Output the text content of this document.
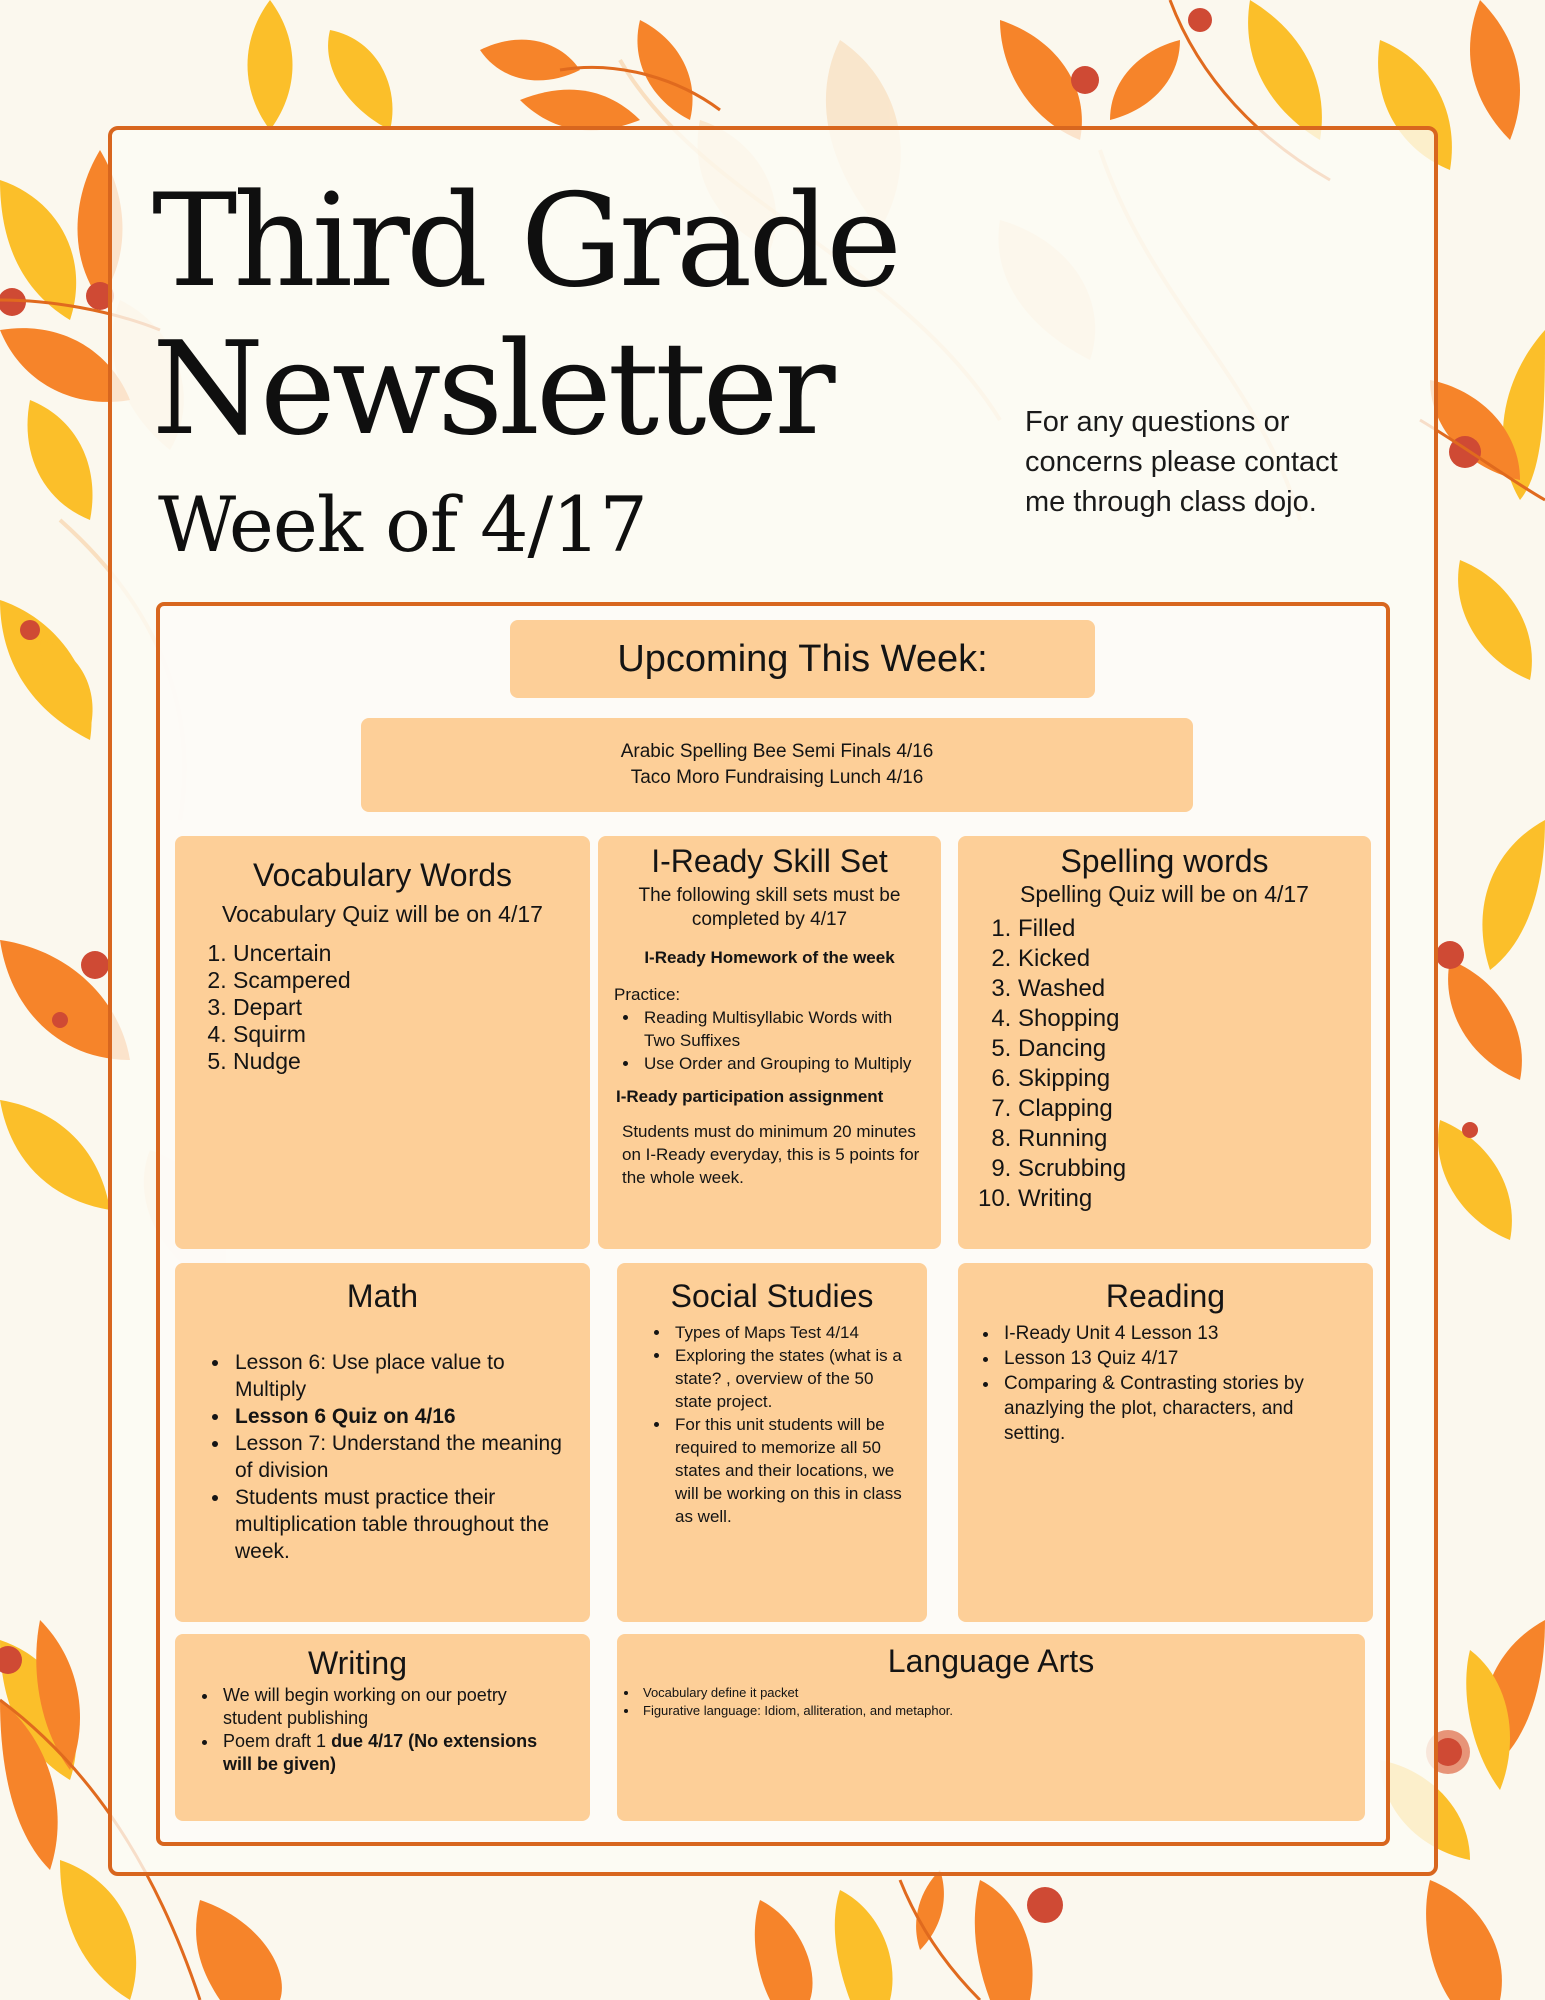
Third Grade
Newsletter
Week of 4/17

For any questions or concerns please contact me through class dojo.

Upcoming This Week:
Arabic Spelling Bee Semi Finals 4/16
Taco Moro Fundraising Lunch 4/16
Vocabulary Words
Vocabulary Quiz will be on 4/17
1. Uncertain
2. Scampered
3. Depart
4. Squirm
5. Nudge
I-Ready Skill Set
The following skill sets must be completed by 4/17
I-Ready Homework of the week
Practice:
• Reading Multisyllabic Words with Two Suffixes
• Use Order and Grouping to Multiply
I-Ready participation assignment
Students must do minimum 20 minutes on I-Ready everyday, this is 5 points for the whole week.
Spelling words
Spelling Quiz will be on 4/17
1. Filled
2. Kicked
3. Washed
4. Shopping
5. Dancing
6. Skipping
7. Clapping
8. Running
9. Scrubbing
10. Writing
Math
• Lesson 6: Use place value to Multiply
• Lesson 6 Quiz on 4/16
• Lesson 7: Understand the meaning of division
• Students must practice their multiplication table throughout the week.
Social Studies
• Types of Maps Test 4/14
• Exploring the states (what is a state? , overview of the 50 state project.
• For this unit students will be required to memorize all 50 states and their locations, we will be working on this in class as well.
Reading
• I-Ready Unit 4 Lesson 13
• Lesson 13 Quiz 4/17
• Comparing & Contrasting stories by anazlying the plot, characters, and setting.
Writing
• We will begin working on our poetry student publishing
• Poem draft 1 due 4/17 (No extensions will be given)
Language Arts
• Vocabulary define it packet
• Figurative language: Idiom, alliteration, and metaphor.
